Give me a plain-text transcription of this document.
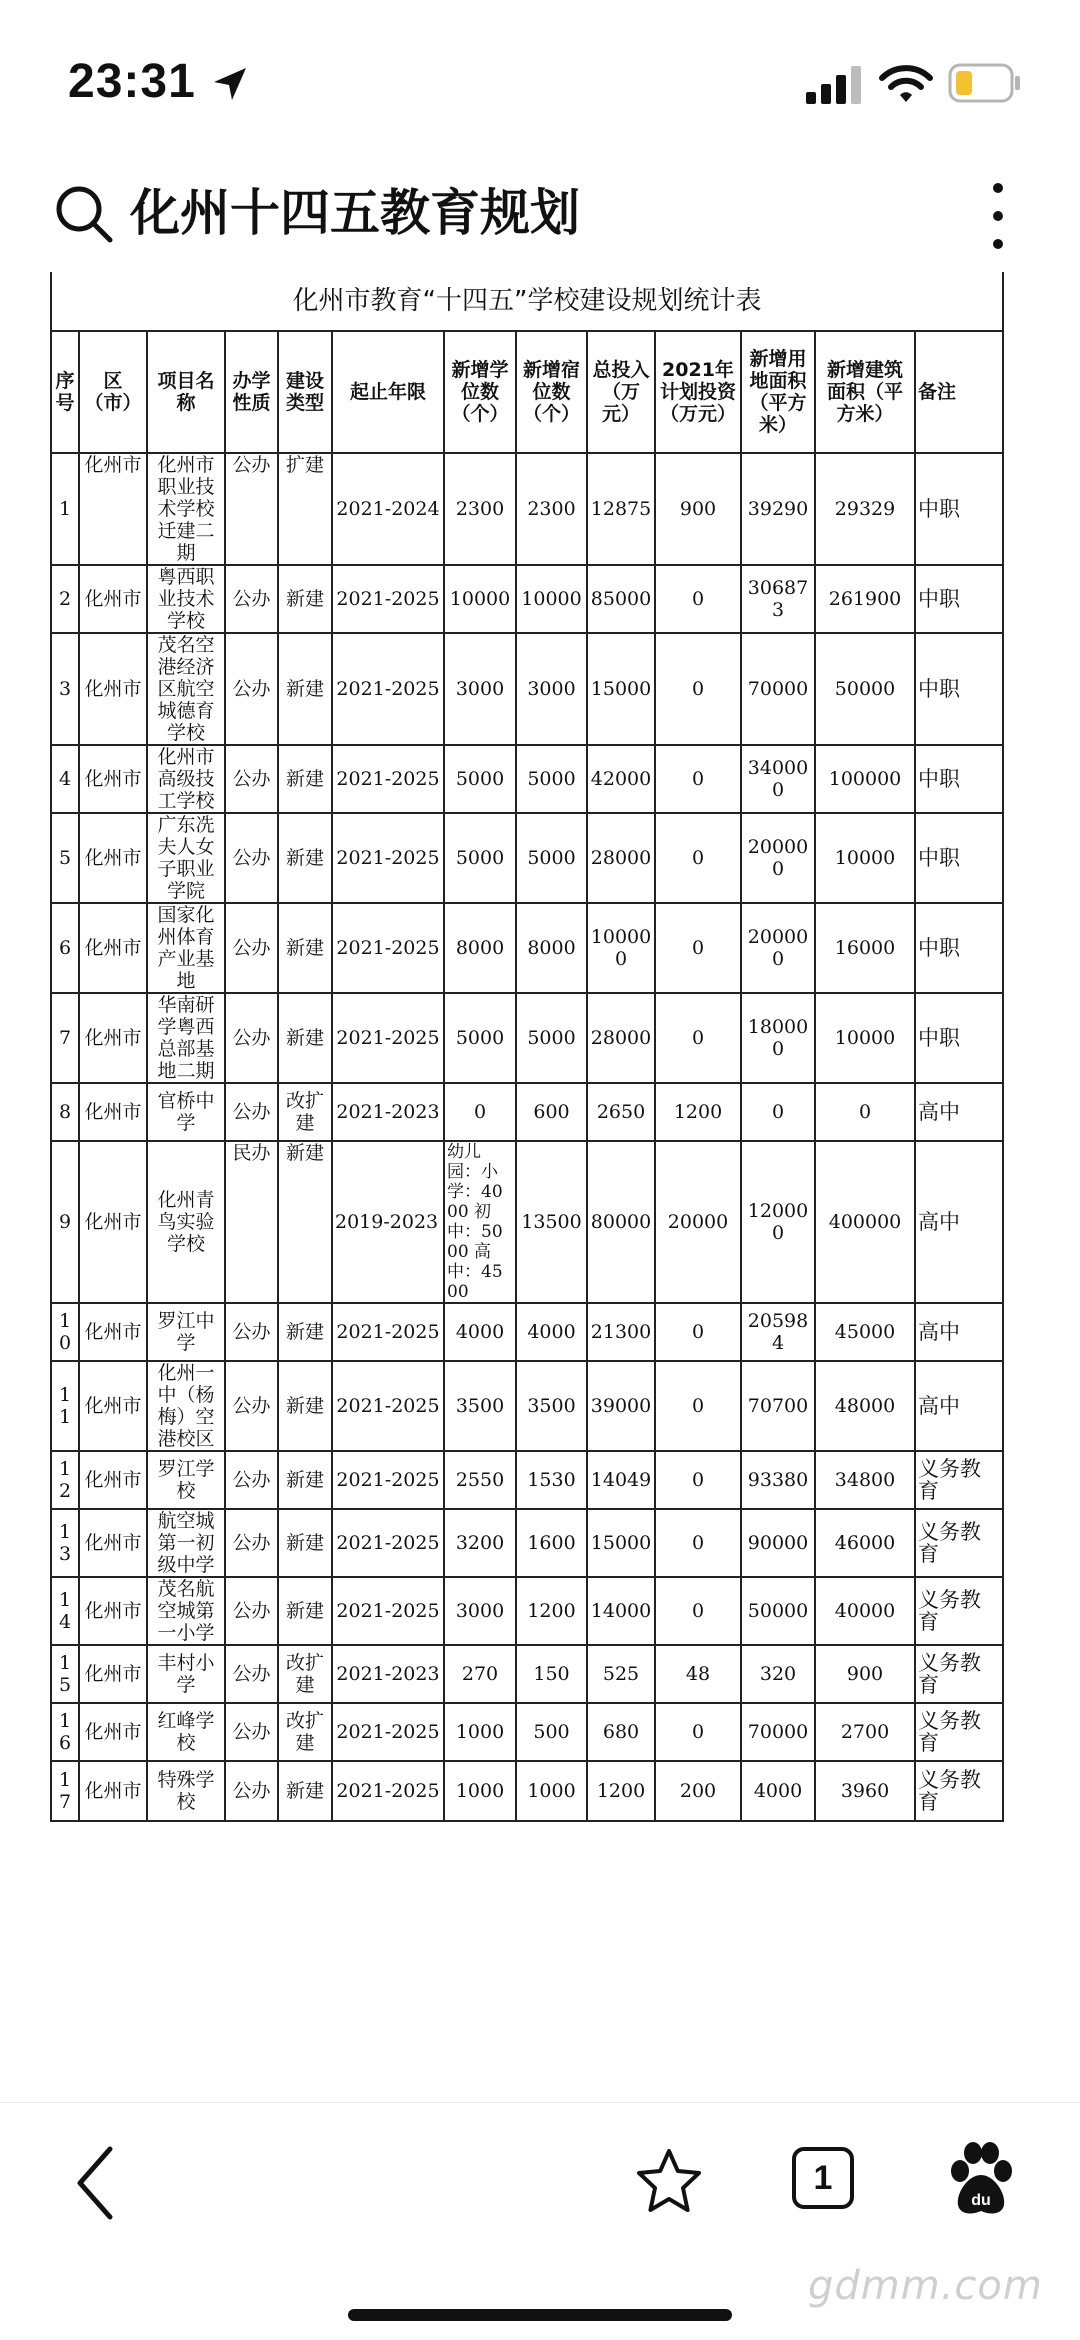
23:31
化州十四五教育规划
化州市教育“十四五”学校建设规划统计表												
序号	区（市）	项目名称	办学性质	建设类型	起止年限	新增学位数（个）	新增宿位数（个）	总投入（万元）	2021年计划投资（万元）	新增用地面积（平方米）	新增建筑面积（平方米）	备注
1	化州市	化州市职业技术学校迁建二期	公办	扩建	2021-2024	2300	2300	12875	900	39290	29329	中职
2	化州市	粤西职业技术学校	公办	新建	2021-2025	10000	10000	85000	0	306873	261900	中职
3	化州市	茂名空港经济区航空城德育学校	公办	新建	2021-2025	3000	3000	15000	0	70000	50000	中职
4	化州市	化州市高级技工学校	公办	新建	2021-2025	5000	5000	42000	0	340000	100000	中职
5	化州市	广东冼夫人女子职业学院	公办	新建	2021-2025	5000	5000	28000	0	200000	10000	中职
6	化州市	国家化州体育产业基地	公办	新建	2021-2025	8000	8000	100000	0	200000	16000	中职
7	化州市	华南研学粤西总部基地二期	公办	新建	2021-2025	5000	5000	28000	0	180000	10000	中职
8	化州市	官桥中学	公办	改扩建	2021-2023	0	600	2650	1200	0	0	高中
9	化州市	化州青鸟实验学校	民办	新建	2019-2023	幼儿园：小学：4000 初中：5000 高中：4500	13500	80000	20000	120000	400000	高中
10	化州市	罗江中学	公办	新建	2021-2025	4000	4000	21300	0	205984	45000	高中
11	化州市	化州一中（杨梅）空港校区	公办	新建	2021-2025	3500	3500	39000	0	70700	48000	高中
12	化州市	罗江学校	公办	新建	2021-2025	2550	1530	14049	0	93380	34800	义务教育
13	化州市	航空城第一初级中学	公办	新建	2021-2025	3200	1600	15000	0	90000	46000	义务教育
14	化州市	茂名航空城第一小学	公办	新建	2021-2025	3000	1200	14000	0	50000	40000	义务教育
15	化州市	丰村小学	公办	改扩建	2021-2023	270	150	525	48	320	900	义务教育
16	化州市	红峰学校	公办	改扩建	2021-2025	1000	500	680	0	70000	2700	义务教育
17	化州市	特殊学校	公办	新建	2021-2025	1000	1000	1200	200	4000	3960	义务教育
1
du
gdmm.com
